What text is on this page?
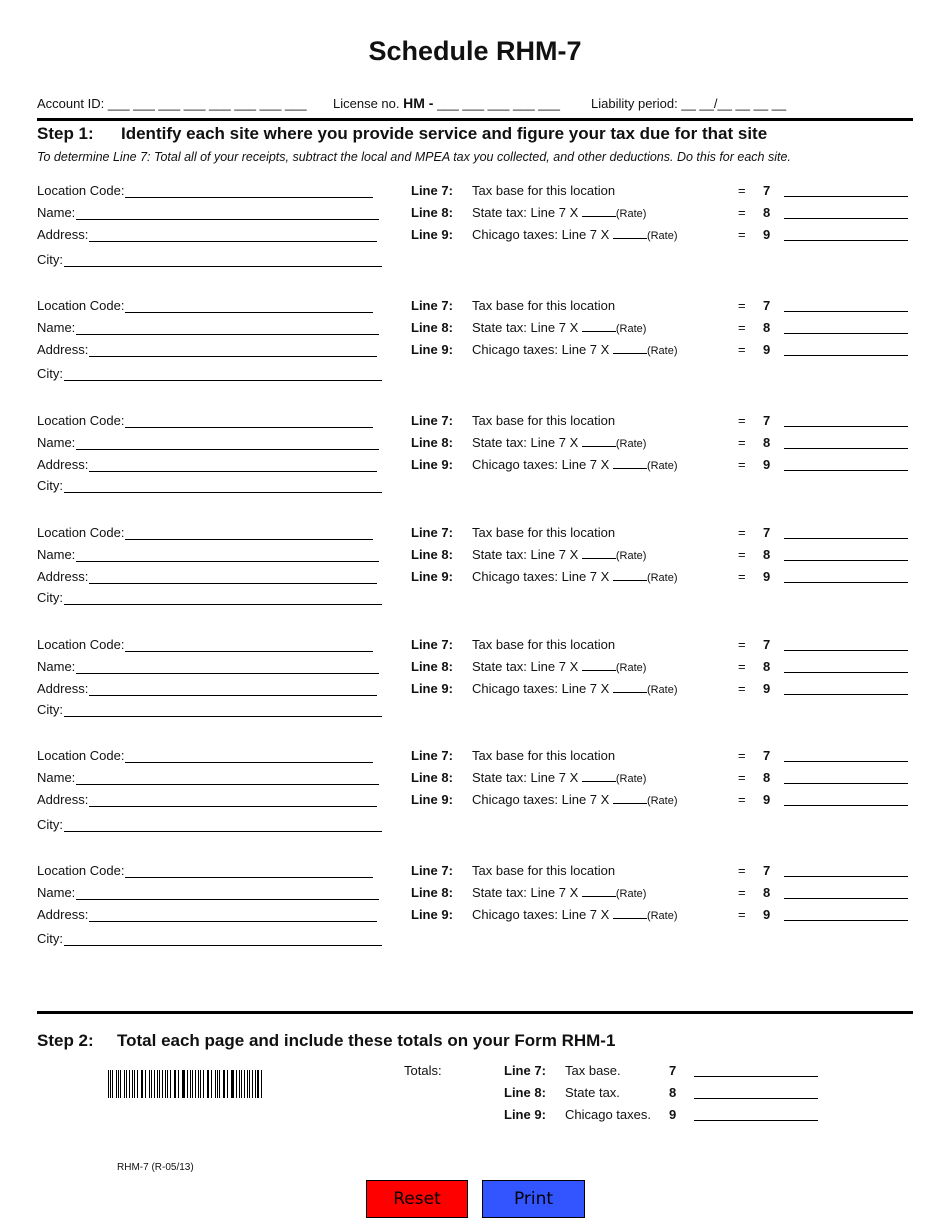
Schedule RHM-7
Account ID: ___ ___ ___ ___ ___ ___ ___ ___ License no. HM - ___ ___ ___ ___ ___ Liability period: __ __/__ __ __ __
Step 1: Identify each site where you provide service and figure your tax due for that site
To determine Line 7: Total all of your receipts, subtract the local and MPEA tax you collected, and other deductions. Do this for each site.
Location Code:
Name:
Address:
City:
Line 7: Tax base for this location	= 7
Line 8: State tax: Line 7 X	(Rate)	= 8
Line 9: Chicago taxes: Line 7 X	(Rate)	= 9
Location Code:
Name:
Address:
City:
Line 7: Tax base for this location	= 7
Line 8: State tax: Line 7 X	(Rate)	= 8
Line 9: Chicago taxes: Line 7 X	(Rate)	= 9
Location Code:
Name:
Address:
City:
Line 7: Tax base for this location	= 7
Line 8: State tax: Line 7 X	(Rate)	= 8
Line 9: Chicago taxes: Line 7 X	(Rate)	= 9
Location Code:
Name:
Address:
City:
Line 7: Tax base for this location	= 7
Line 8: State tax: Line 7 X	(Rate)	= 8
Line 9: Chicago taxes: Line 7 X	(Rate)	= 9
Location Code:
Name:
Address:
City:
Line 7: Tax base for this location	= 7
Line 8: State tax: Line 7 X	(Rate)	= 8
Line 9: Chicago taxes: Line 7 X	(Rate)	= 9
Location Code:
Name:
Address:
City:
Line 7: Tax base for this location	= 7
Line 8: State tax: Line 7 X	(Rate)	= 8
Line 9: Chicago taxes: Line 7 X	(Rate)	= 9
Location Code:
Name:
Address:
City:
Line 7: Tax base for this location	= 7
Line 8: State tax: Line 7 X	(Rate)	= 8
Line 9: Chicago taxes: Line 7 X	(Rate)	= 9
Step 2: Total each page and include these totals on your Form RHM-1
Totals:	Line 7: Tax base.	7
Line 8: State tax.	8
Line 9: Chicago taxes. 9
RHM-7 (R-05/13)
Reset	Print
